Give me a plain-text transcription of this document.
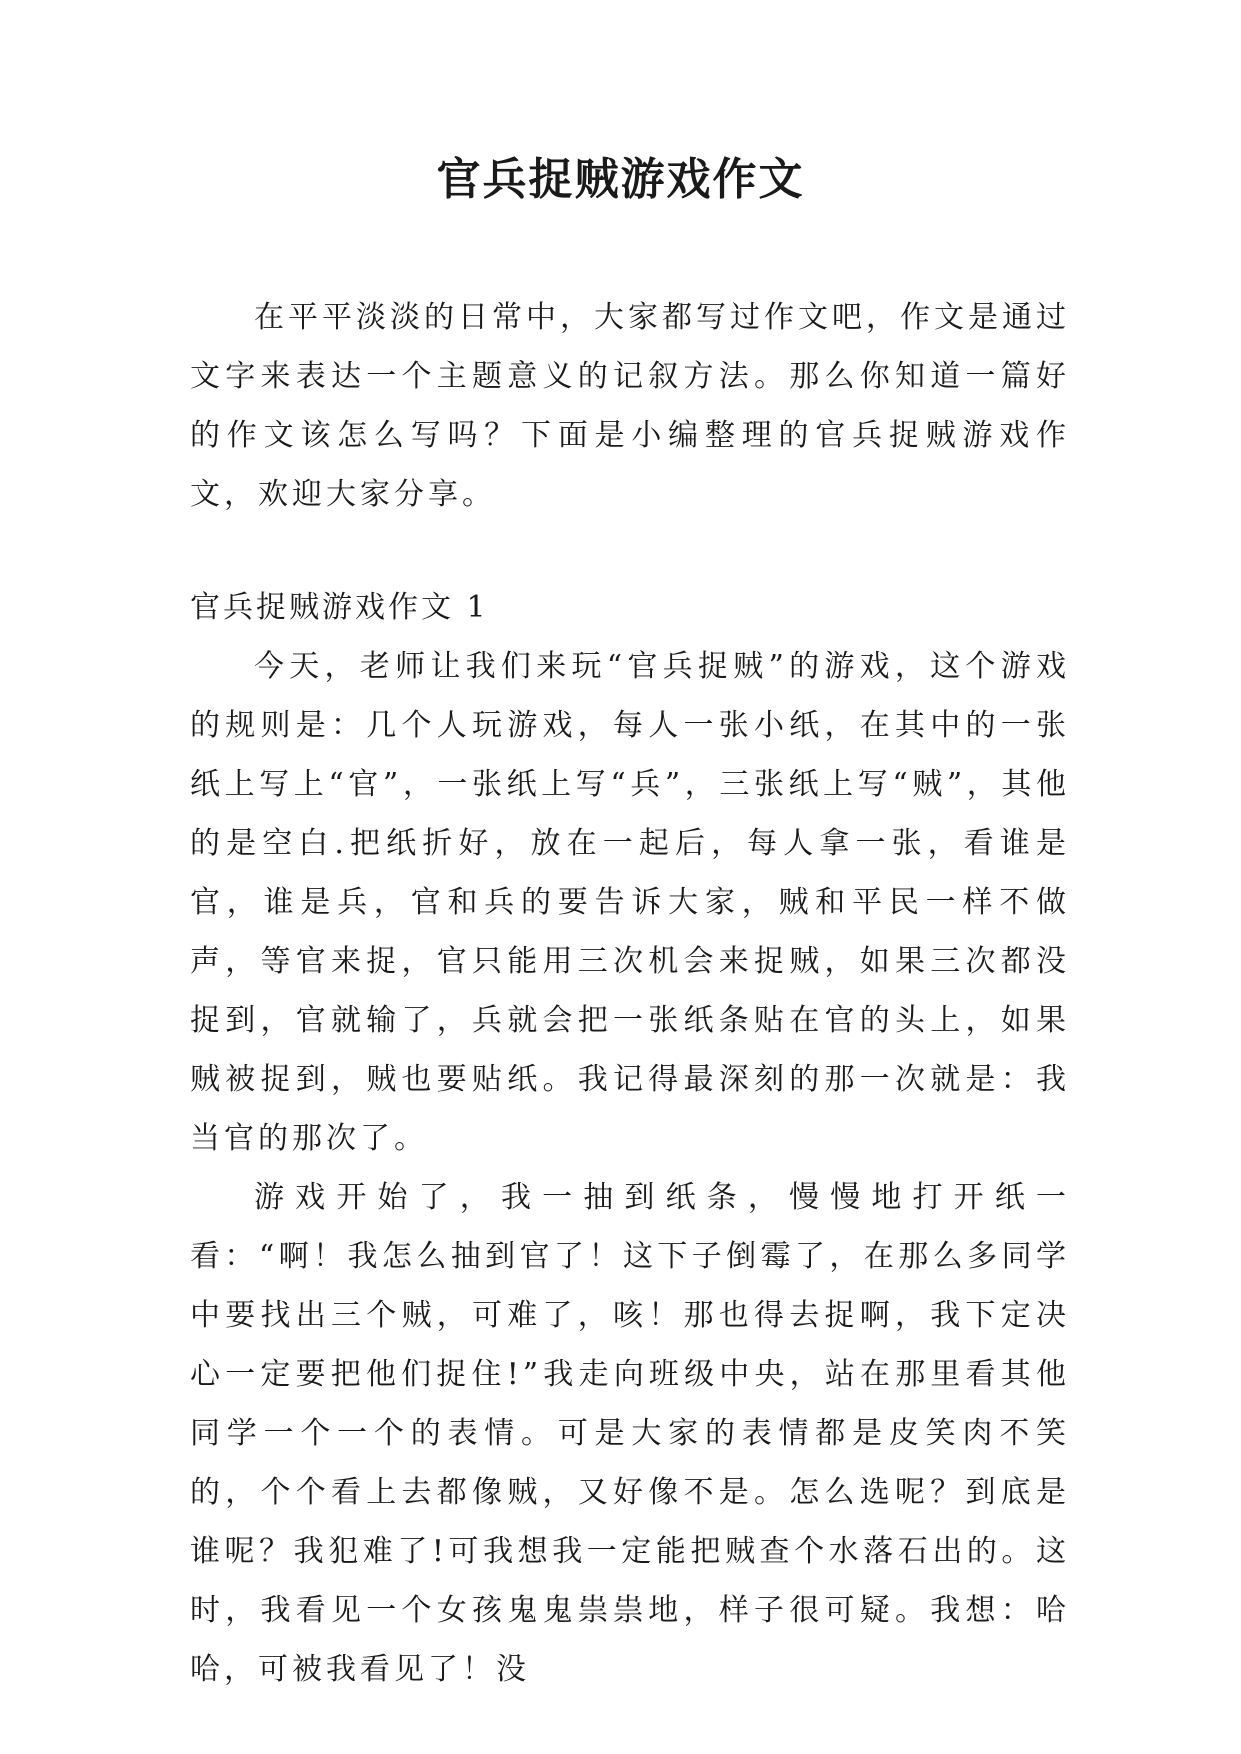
官兵捉贼游戏作文

在平平淡淡的日常中，大家都写过作文吧，作文是通过文字来表达一个主题意义的记叙方法。那么你知道一篇好的作文该怎么写吗？下面是小编整理的官兵捉贼游戏作文，欢迎大家分享。

官兵捉贼游戏作文 1

今天，老师让我们来玩“官兵捉贼”的游戏，这个游戏的规则是：几个人玩游戏，每人一张小纸，在其中的一张纸上写上“官”，一张纸上写“兵”，三张纸上写“贼”，其他的是空白.把纸折好，放在一起后，每人拿一张，看谁是官，谁是兵，官和兵的要告诉大家，贼和平民一样不做声，等官来捉，官只能用三次机会来捉贼，如果三次都没捉到，官就输了，兵就会把一张纸条贴在官的头上，如果贼被捉到，贼也要贴纸。我记得最深刻的那一次就是：我当官的那次了。

游戏开始了，我一抽到纸条，慢慢地打开纸一看：“啊！我怎么抽到官了！这下子倒霉了，在那么多同学中要找出三个贼，可难了，咳！那也得去捉啊，我下定决心一定要把他们捉住!”我走向班级中央，站在那里看其他同学一个一个的表情。可是大家的表情都是皮笑肉不笑的，个个看上去都像贼，又好像不是。怎么选呢？到底是谁呢？我犯难了!可我想我一定能把贼查个水落石出的。这时，我看见一个女孩鬼鬼祟祟地，样子很可疑。我想：哈哈，可被我看见了！没
